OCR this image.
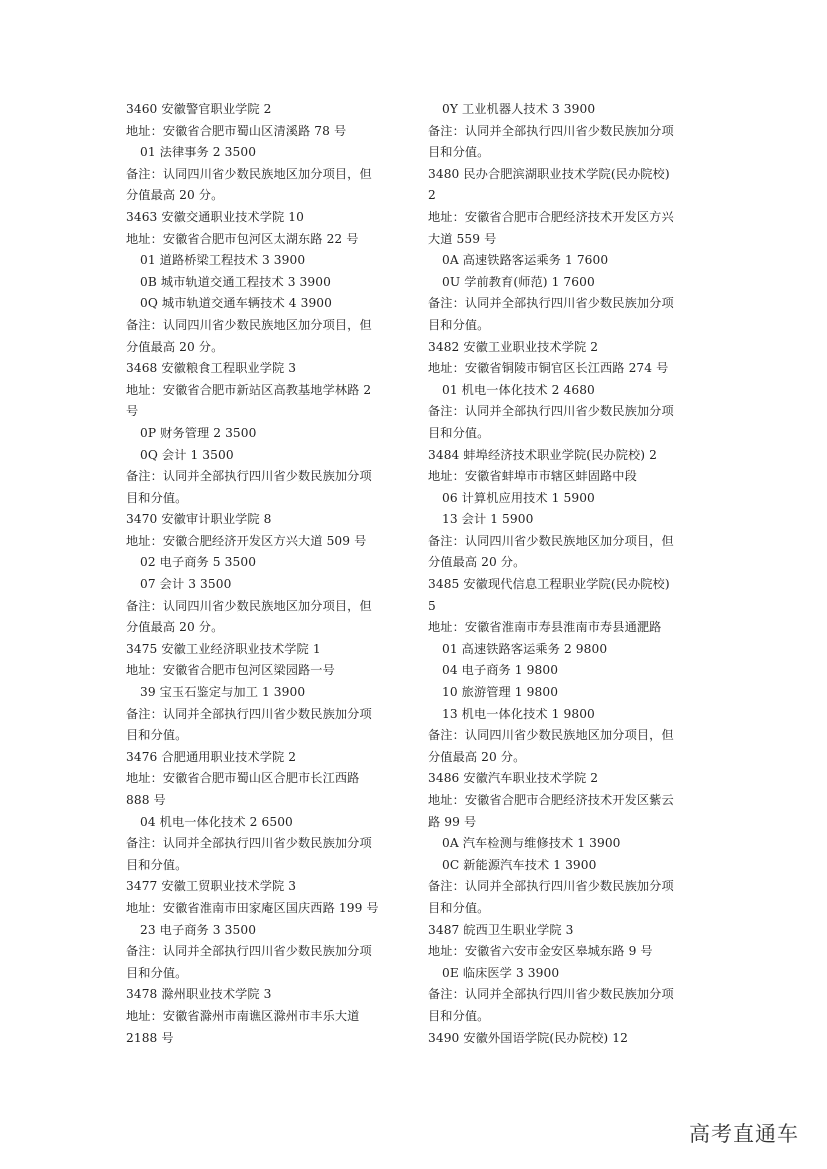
3460 安徽警官职业学院 2
地址：安徽省合肥市蜀山区清溪路 78 号
01 法律事务 2 3500
备注：认同四川省少数民族地区加分项目，但
分值最高 20 分。
3463 安徽交通职业技术学院 10
地址：安徽省合肥市包河区太湖东路 22 号
01 道路桥梁工程技术 3 3900
0B 城市轨道交通工程技术 3 3900
0Q 城市轨道交通车辆技术 4 3900
备注：认同四川省少数民族地区加分项目，但
分值最高 20 分。
3468 安徽粮食工程职业学院 3
地址：安徽省合肥市新站区高教基地学林路 2
号
0P 财务管理 2 3500
0Q 会计 1 3500
备注：认同并全部执行四川省少数民族加分项
目和分值。
3470 安徽审计职业学院 8
地址：安徽合肥经济开发区方兴大道 509 号
02 电子商务 5 3500
07 会计 3 3500
备注：认同四川省少数民族地区加分项目，但
分值最高 20 分。
3475 安徽工业经济职业技术学院 1
地址：安徽省合肥市包河区梁园路一号
39 宝玉石鉴定与加工 1 3900
备注：认同并全部执行四川省少数民族加分项
目和分值。
3476 合肥通用职业技术学院 2
地址：安徽省合肥市蜀山区合肥市长江西路
888 号
04 机电一体化技术 2 6500
备注：认同并全部执行四川省少数民族加分项
目和分值。
3477 安徽工贸职业技术学院 3
地址：安徽省淮南市田家庵区国庆西路 199 号
23 电子商务 3 3500
备注：认同并全部执行四川省少数民族加分项
目和分值。
3478 滁州职业技术学院 3
地址：安徽省滁州市南谯区滁州市丰乐大道
2188 号
0Y 工业机器人技术 3 3900
备注：认同并全部执行四川省少数民族加分项
目和分值。
3480 民办合肥滨湖职业技术学院(民办院校)
2
地址：安徽省合肥市合肥经济技术开发区方兴
大道 559 号
0A 高速铁路客运乘务 1 7600
0U 学前教育(师范) 1 7600
备注：认同并全部执行四川省少数民族加分项
目和分值。
3482 安徽工业职业技术学院 2
地址：安徽省铜陵市铜官区长江西路 274 号
01 机电一体化技术 2 4680
备注：认同并全部执行四川省少数民族加分项
目和分值。
3484 蚌埠经济技术职业学院(民办院校) 2
地址：安徽省蚌埠市市辖区蚌固路中段
06 计算机应用技术 1 5900
13 会计 1 5900
备注：认同四川省少数民族地区加分项目，但
分值最高 20 分。
3485 安徽现代信息工程职业学院(民办院校)
5
地址：安徽省淮南市寿县淮南市寿县通淝路
01 高速铁路客运乘务 2 9800
04 电子商务 1 9800
10 旅游管理 1 9800
13 机电一体化技术 1 9800
备注：认同四川省少数民族地区加分项目，但
分值最高 20 分。
3486 安徽汽车职业技术学院 2
地址：安徽省合肥市合肥经济技术开发区紫云
路 99 号
0A 汽车检测与维修技术 1 3900
0C 新能源汽车技术 1 3900
备注：认同并全部执行四川省少数民族加分项
目和分值。
3487 皖西卫生职业学院 3
地址：安徽省六安市金安区皋城东路 9 号
0E 临床医学 3 3900
备注：认同并全部执行四川省少数民族加分项
目和分值。
3490 安徽外国语学院(民办院校) 12
高考直通车
